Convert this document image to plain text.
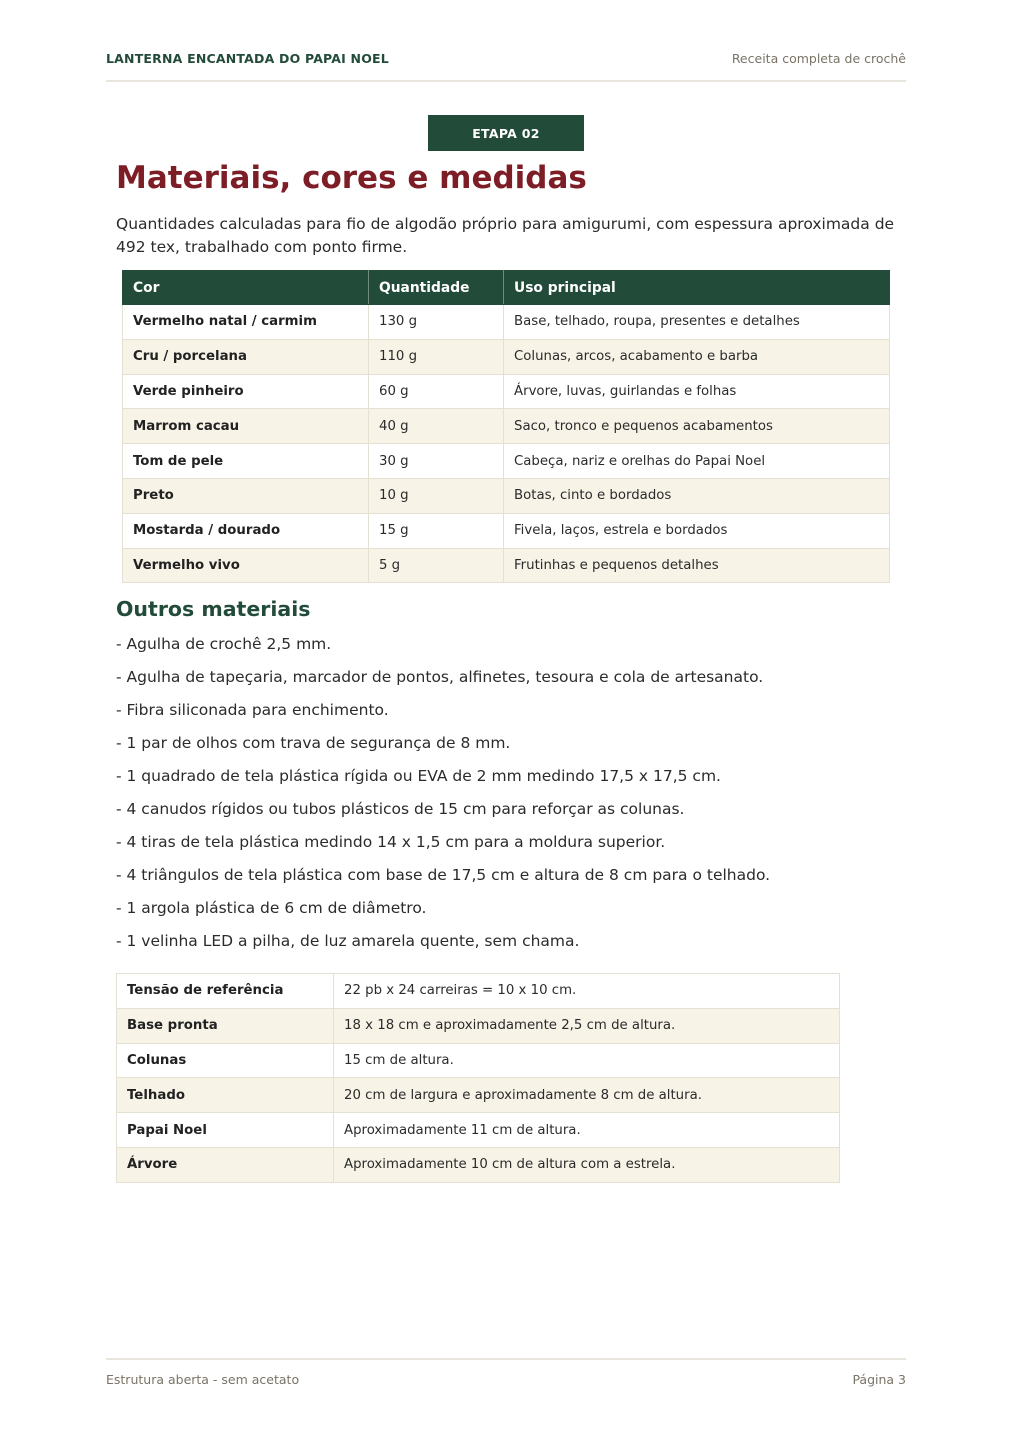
LANTERNA ENCANTADA DO PAPAI NOEL	Receita completa de crochê
ETAPA 02
Materiais, cores e medidas

Quantidades calculadas para fio de algodão próprio para amigurumi, com espessura aproximada de 492 tex, trabalhado com ponto firme.

Cor	Quantidade	Uso principal
Vermelho natal / carmim	130 g	Base, telhado, roupa, presentes e detalhes
Cru / porcelana	110 g	Colunas, arcos, acabamento e barba
Verde pinheiro	60 g	Árvore, luvas, guirlandas e folhas
Marrom cacau	40 g	Saco, tronco e pequenos acabamentos
Tom de pele	30 g	Cabeça, nariz e orelhas do Papai Noel
Preto	10 g	Botas, cinto e bordados
Mostarda / dourado	15 g	Fivela, laços, estrela e bordados
Vermelho vivo	5 g	Frutinhas e pequenos detalhes
Outros materiais
- Agulha de crochê 2,5 mm.
- Agulha de tapeçaria, marcador de pontos, alfinetes, tesoura e cola de artesanato.
- Fibra siliconada para enchimento.
- 1 par de olhos com trava de segurança de 8 mm.
- 1 quadrado de tela plástica rígida ou EVA de 2 mm medindo 17,5 x 17,5 cm.
- 4 canudos rígidos ou tubos plásticos de 15 cm para reforçar as colunas.
- 4 tiras de tela plástica medindo 14 x 1,5 cm para a moldura superior.
- 4 triângulos de tela plástica com base de 17,5 cm e altura de 8 cm para o telhado.
- 1 argola plástica de 6 cm de diâmetro.
- 1 velinha LED a pilha, de luz amarela quente, sem chama.
Tensão de referência	22 pb x 24 carreiras = 10 x 10 cm.
Base pronta	18 x 18 cm e aproximadamente 2,5 cm de altura.
Colunas	15 cm de altura.
Telhado	20 cm de largura e aproximadamente 8 cm de altura.
Papai Noel	Aproximadamente 11 cm de altura.
Árvore	Aproximadamente 10 cm de altura com a estrela.
Estrutura aberta - sem acetato	Página 3
